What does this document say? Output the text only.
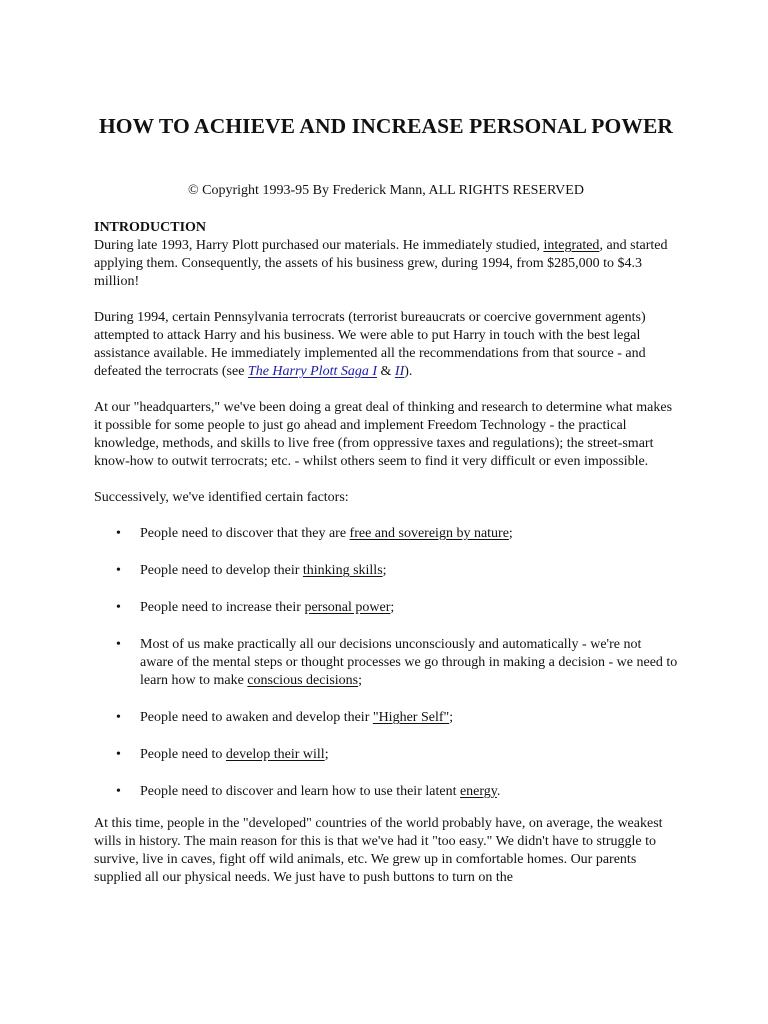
HOW TO ACHIEVE AND INCREASE PERSONAL POWER
© Copyright 1993-95 By Frederick Mann, ALL RIGHTS RESERVED
INTRODUCTION

During late 1993, Harry Plott purchased our materials. He immediately studied, integrated, and started applying them. Consequently, the assets of his business grew, during 1994, from $285,000 to $4.3 million!

During 1994, certain Pennsylvania terrocrats (terrorist bureaucrats or coercive government agents) attempted to attack Harry and his business. We were able to put Harry in touch with the best legal assistance available. He immediately implemented all the recommendations from that source - and defeated the terrocrats (see The Harry Plott Saga I & II).

At our "headquarters," we've been doing a great deal of thinking and research to determine what makes it possible for some people to just go ahead and implement Freedom Technology - the practical knowledge, methods, and skills to live free (from oppressive taxes and regulations); the street-smart know-how to outwit terrocrats; etc. - whilst others seem to find it very difficult or even impossible.

Successively, we've identified certain factors:

• People need to discover that they are free and sovereign by nature;
• People need to develop their thinking skills;
• People need to increase their personal power;
• Most of us make practically all our decisions unconsciously and automatically - we're not aware of the mental steps or thought processes we go through in making a decision - we need to learn how to make conscious decisions;
• People need to awaken and develop their "Higher Self";
• People need to develop their will;
• People need to discover and learn how to use their latent energy.

At this time, people in the "developed" countries of the world probably have, on average, the weakest wills in history. The main reason for this is that we've had it "too easy." We didn't have to struggle to survive, live in caves, fight off wild animals, etc. We grew up in comfortable homes. Our parents supplied all our physical needs. We just have to push buttons to turn on the
